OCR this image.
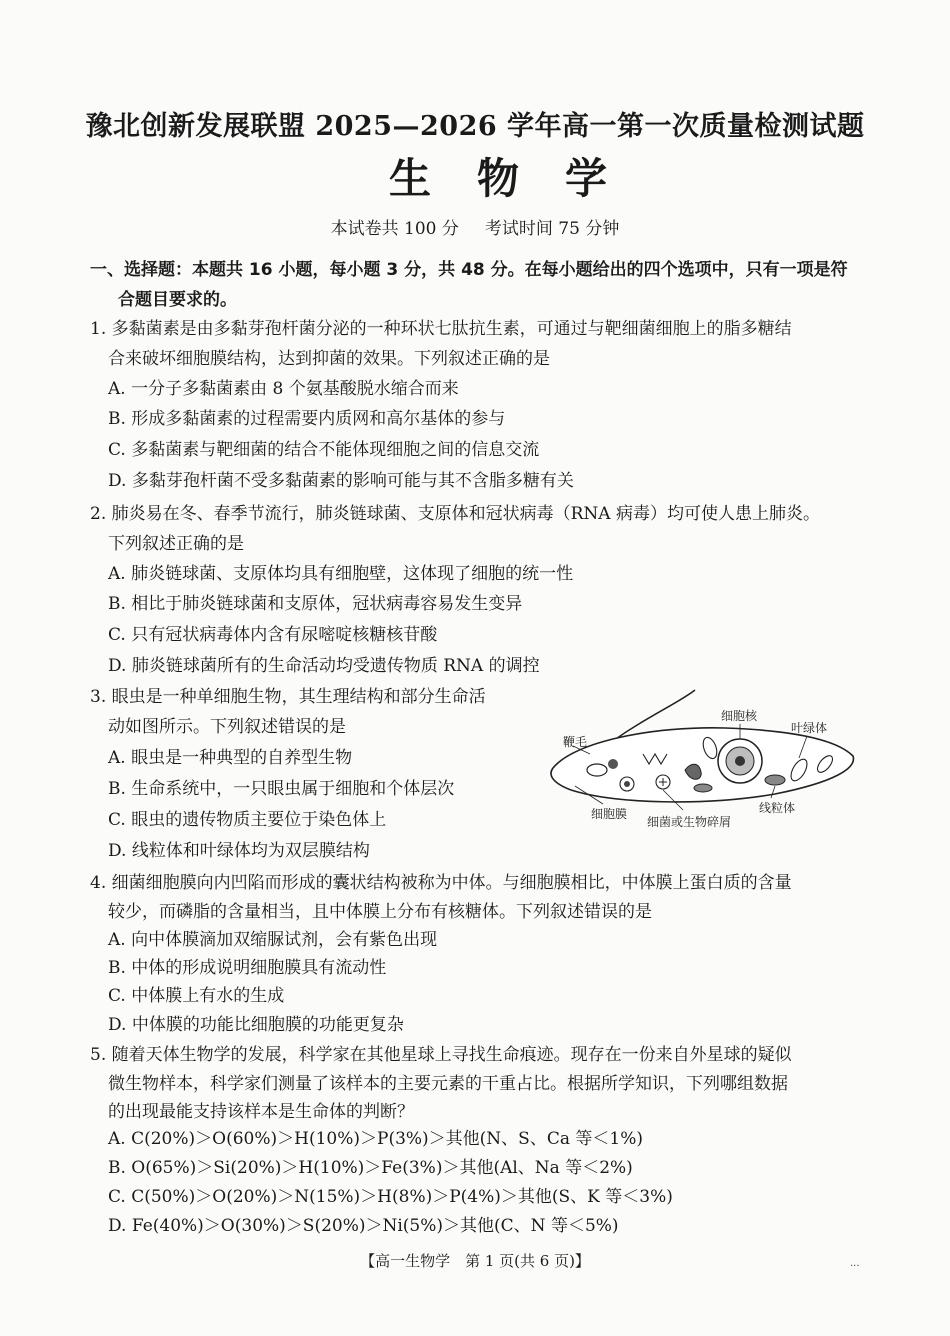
豫北创新发展联盟 2025—2026 学年高一第一次质量检测试题
生物学
本试卷共 100 分 考试时间 75 分钟
一、选择题：本题共 16 小题，每小题 3 分，共 48 分。在每小题给出的四个选项中，只有一项是符
合题目要求的。
1. 多黏菌素是由多黏芽孢杆菌分泌的一种环状七肽抗生素，可通过与靶细菌细胞上的脂多糖结
合来破坏细胞膜结构，达到抑菌的效果。下列叙述正确的是
A. 一分子多黏菌素由 8 个氨基酸脱水缩合而来
B. 形成多黏菌素的过程需要内质网和高尔基体的参与
C. 多黏菌素与靶细菌的结合不能体现细胞之间的信息交流
D. 多黏芽孢杆菌不受多黏菌素的影响可能与其不含脂多糖有关
2. 肺炎易在冬、春季节流行，肺炎链球菌、支原体和冠状病毒（RNA 病毒）均可使人患上肺炎。
下列叙述正确的是
A. 肺炎链球菌、支原体均具有细胞壁，这体现了细胞的统一性
B. 相比于肺炎链球菌和支原体，冠状病毒容易发生变异
C. 只有冠状病毒体内含有尿嘧啶核糖核苷酸
D. 肺炎链球菌所有的生命活动均受遗传物质 RNA 的调控
3. 眼虫是一种单细胞生物，其生理结构和部分生命活
动如图所示。下列叙述错误的是
A. 眼虫是一种典型的自养型生物
B. 生命系统中，一只眼虫属于细胞和个体层次
C. 眼虫的遗传物质主要位于染色体上
D. 线粒体和叶绿体均为双层膜结构
鞭毛
细胞核
叶绿体
细胞膜
细菌或生物碎屑
线粒体
4. 细菌细胞膜向内凹陷而形成的囊状结构被称为中体。与细胞膜相比，中体膜上蛋白质的含量
较少，而磷脂的含量相当，且中体膜上分布有核糖体。下列叙述错误的是
A. 向中体膜滴加双缩脲试剂，会有紫色出现
B. 中体的形成说明细胞膜具有流动性
C. 中体膜上有水的生成
D. 中体膜的功能比细胞膜的功能更复杂
5. 随着天体生物学的发展，科学家在其他星球上寻找生命痕迹。现存在一份来自外星球的疑似
微生物样本，科学家们测量了该样本的主要元素的干重占比。根据所学知识，下列哪组数据
的出现最能支持该样本是生命体的判断？
A. C(20%)＞O(60%)＞H(10%)＞P(3%)＞其他(N、S、Ca 等＜1%)
B. O(65%)＞Si(20%)＞H(10%)＞Fe(3%)＞其他(Al、Na 等＜2%)
C. C(50%)＞O(20%)＞N(15%)＞H(8%)＞P(4%)＞其他(S、K 等＜3%)
D. Fe(40%)＞O(30%)＞S(20%)＞Ni(5%)＞其他(C、N 等＜5%)
【高一生物学　第 1 页(共 6 页)】	...
